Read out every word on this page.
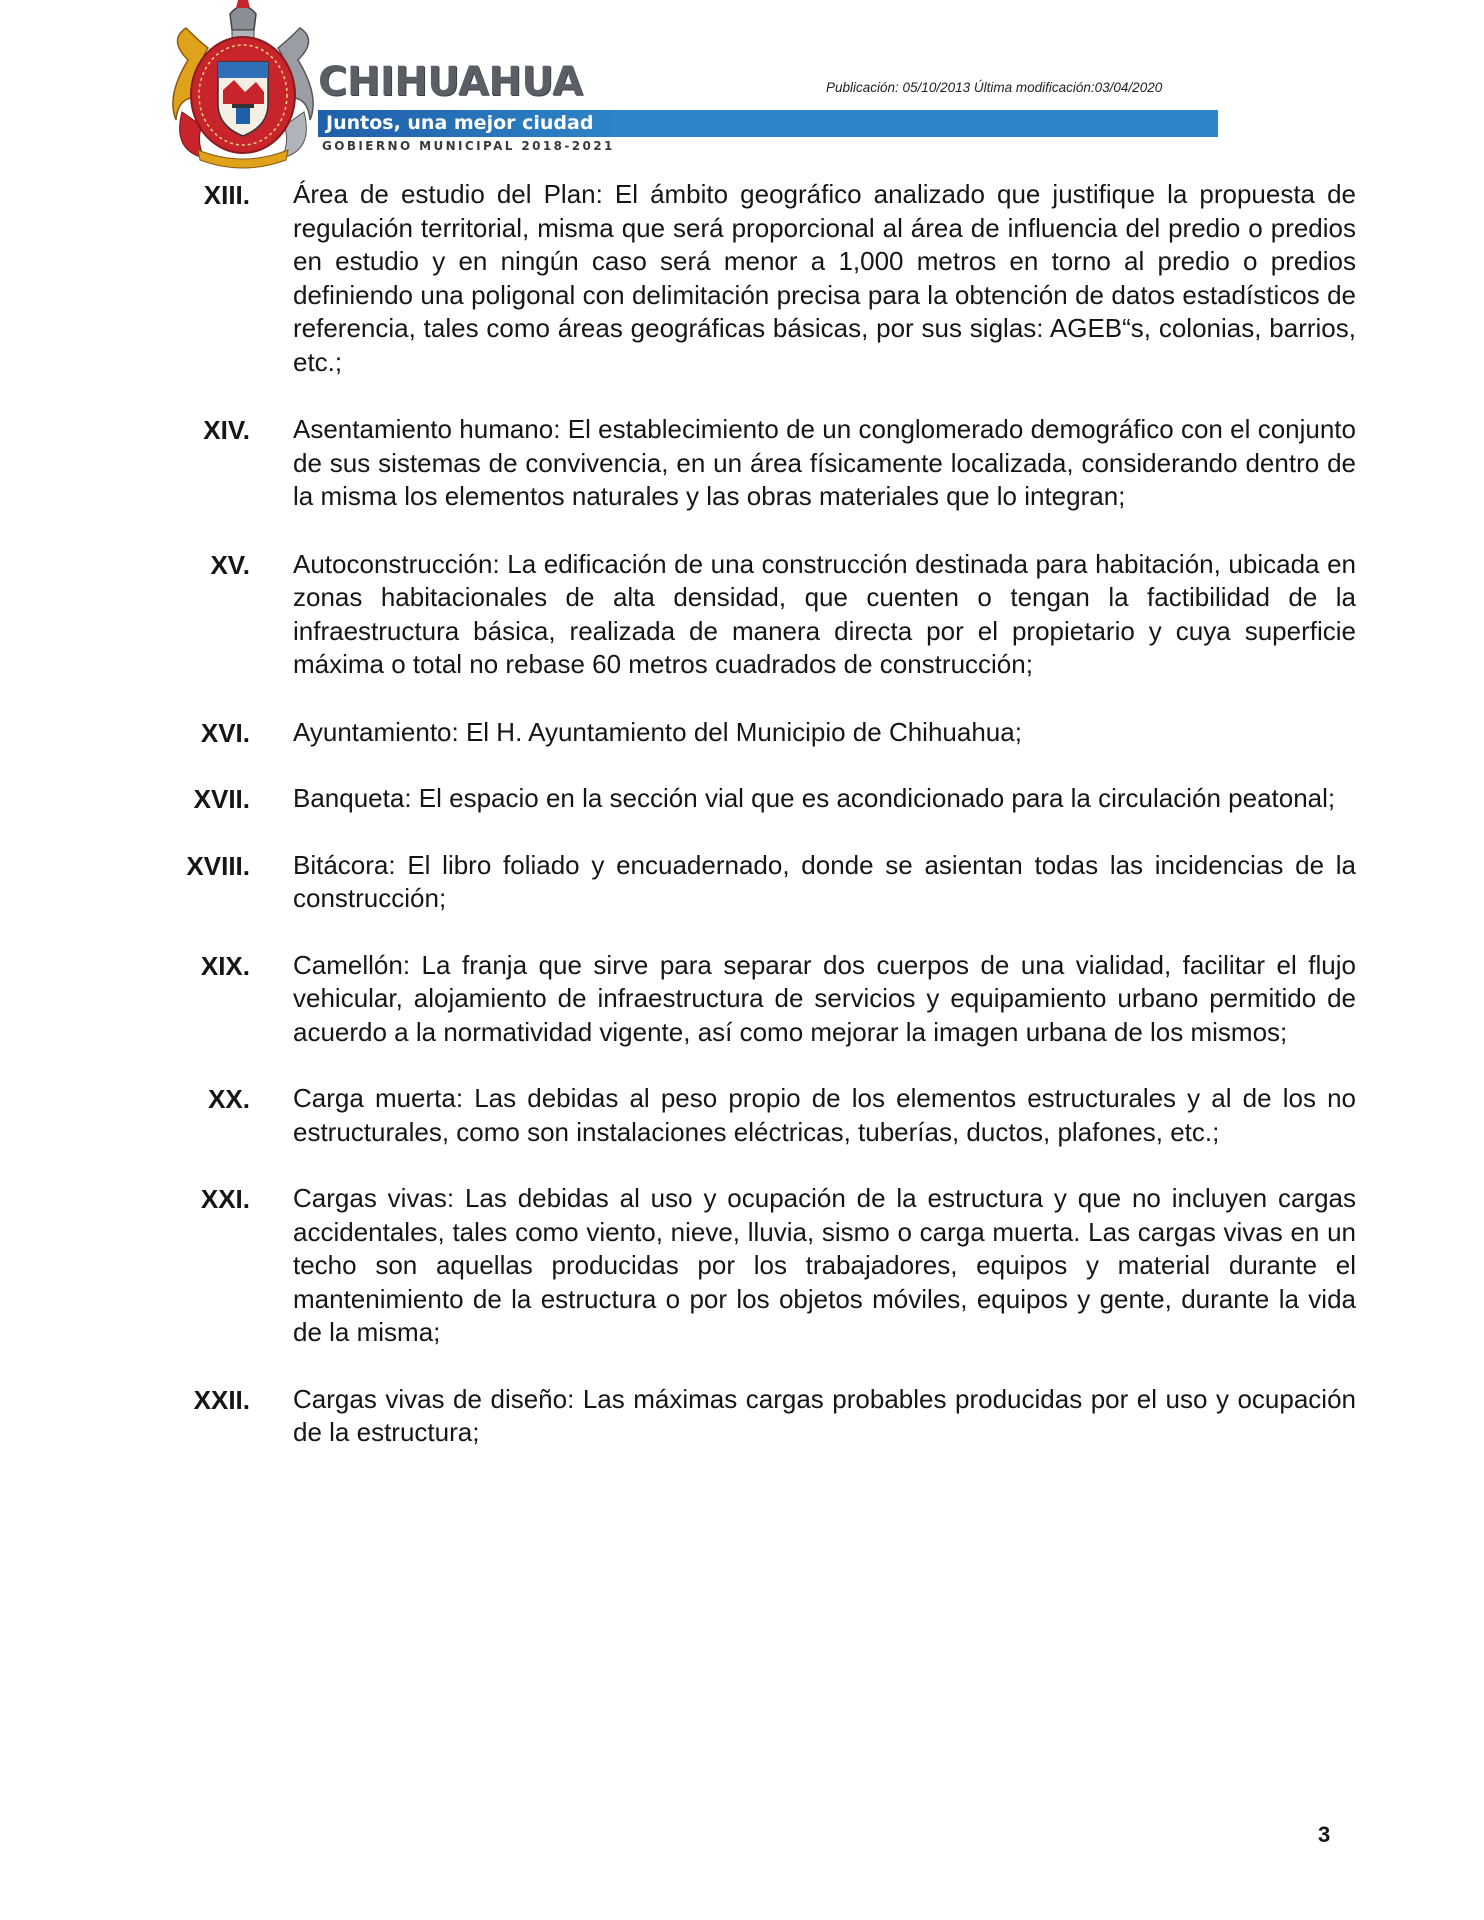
CHIHUAHUA
Juntos, una mejor ciudad
GOBIERNO MUNICIPAL 2018-2021
Publicación: 05/10/2013 Última modificación:03/04/2020
XIII. Área de estudio del Plan: El ámbito geográfico analizado que justifique la propuesta de regulación territorial, misma que será proporcional al área de influencia del predio o predios en estudio y en ningún caso será menor a 1,000 metros en torno al predio o predios definiendo una poligonal con delimitación precisa para la obtención de datos estadísticos de referencia, tales como áreas geográficas básicas, por sus siglas: AGEB“s, colonias, barrios, etc.;
XIV. Asentamiento humano: El establecimiento de un conglomerado demográfico con el conjunto de sus sistemas de convivencia, en un área físicamente localizada, considerando dentro de la misma los elementos naturales y las obras materiales que lo integran;
XV. Autoconstrucción: La edificación de una construcción destinada para habitación, ubicada en zonas habitacionales de alta densidad, que cuenten o tengan la factibilidad de la infraestructura básica, realizada de manera directa por el propietario y cuya superficie máxima o total no rebase 60 metros cuadrados de construcción;
XVI. Ayuntamiento: El H. Ayuntamiento del Municipio de Chihuahua;
XVII. Banqueta: El espacio en la sección vial que es acondicionado para la circulación peatonal;
XVIII. Bitácora: El libro foliado y encuadernado, donde se asientan todas las incidencias de la construcción;
XIX. Camellón: La franja que sirve para separar dos cuerpos de una vialidad, facilitar el flujo vehicular, alojamiento de infraestructura de servicios y equipamiento urbano permitido de acuerdo a la normatividad vigente, así como mejorar la imagen urbana de los mismos;
XX. Carga muerta: Las debidas al peso propio de los elementos estructurales y al de los no estructurales, como son instalaciones eléctricas, tuberías, ductos, plafones, etc.;
XXI. Cargas vivas: Las debidas al uso y ocupación de la estructura y que no incluyen cargas accidentales, tales como viento, nieve, lluvia, sismo o carga muerta. Las cargas vivas en un techo son aquellas producidas por los trabajadores, equipos y material durante el mantenimiento de la estructura o por los objetos móviles, equipos y gente, durante la vida de la misma;
XXII. Cargas vivas de diseño: Las máximas cargas probables producidas por el uso y ocupación de la estructura;
3
